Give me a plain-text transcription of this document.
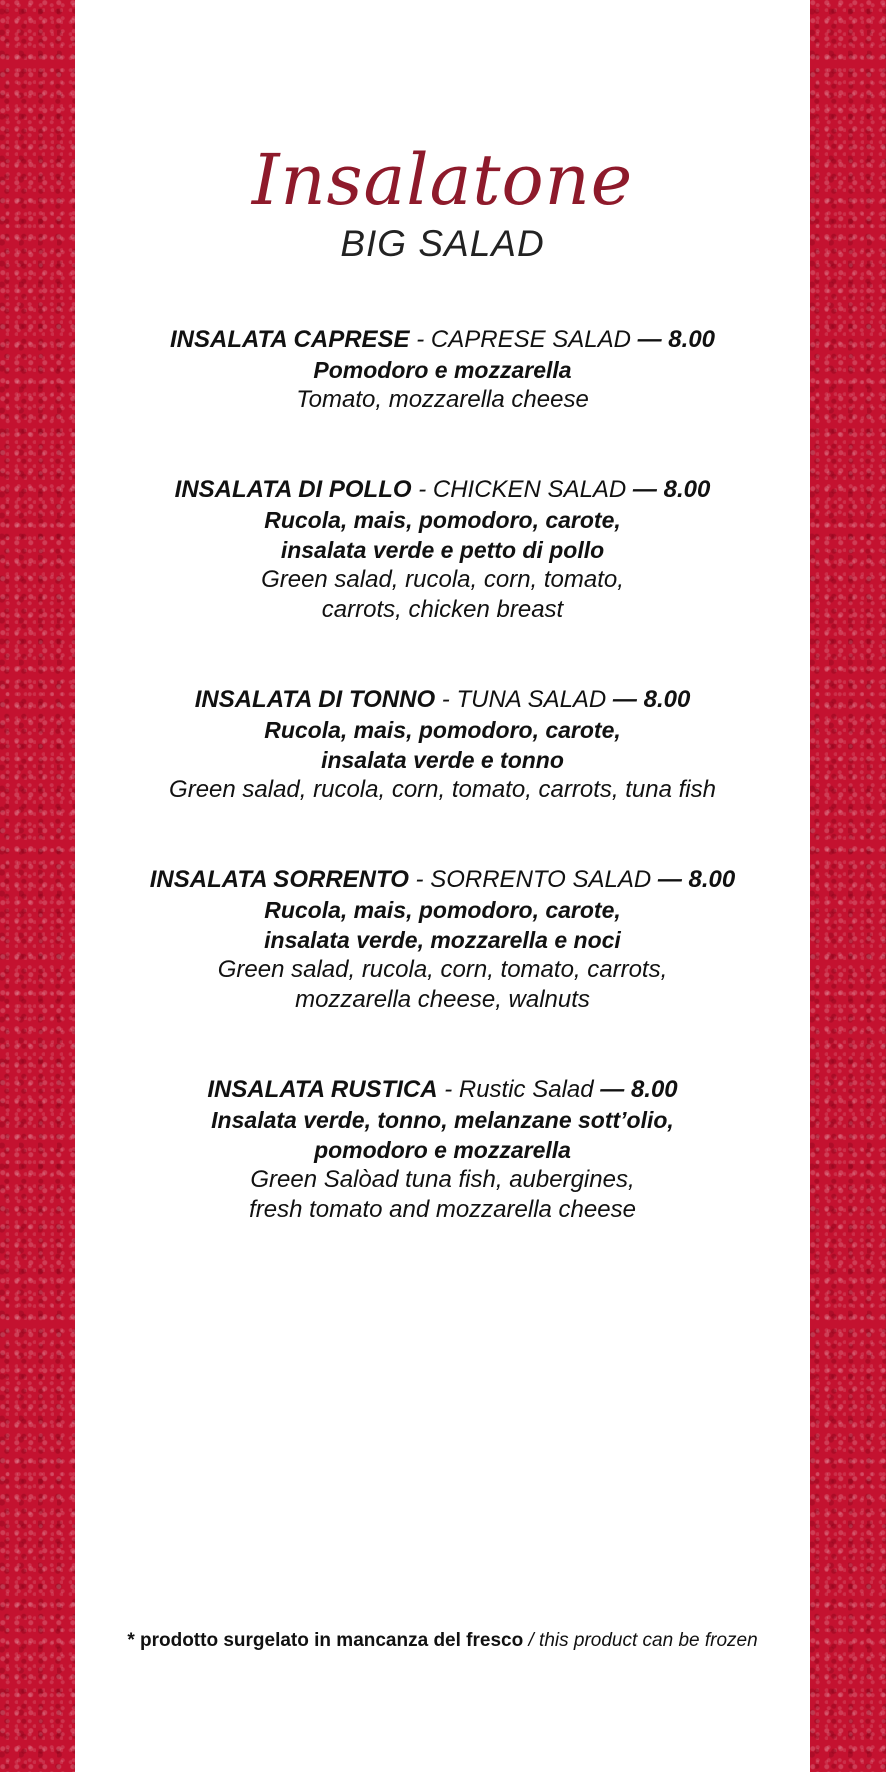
Insalatone
BIG SALAD
INSALATA CAPRESE - CAPRESE SALAD — 8.00
Pomodoro e mozzarella
Tomato, mozzarella cheese
INSALATA DI POLLO - CHICKEN SALAD — 8.00
Rucola, mais, pomodoro, carote,
insalata verde e petto di pollo
Green salad, rucola, corn, tomato,
carrots, chicken breast
INSALATA DI TONNO - TUNA SALAD — 8.00
Rucola, mais, pomodoro, carote,
insalata verde e tonno
Green salad, rucola, corn, tomato, carrots, tuna fish
INSALATA SORRENTO - SORRENTO SALAD — 8.00
Rucola, mais, pomodoro, carote,
insalata verde, mozzarella e noci
Green salad, rucola, corn, tomato, carrots,
mozzarella cheese, walnuts
INSALATA RUSTICA - Rustic Salad — 8.00
Insalata verde, tonno, melanzane sott’olio,
pomodoro e mozzarella
Green Salòad tuna fish, aubergines,
fresh tomato and mozzarella cheese
* prodotto surgelato in mancanza del fresco / this product can be frozen
